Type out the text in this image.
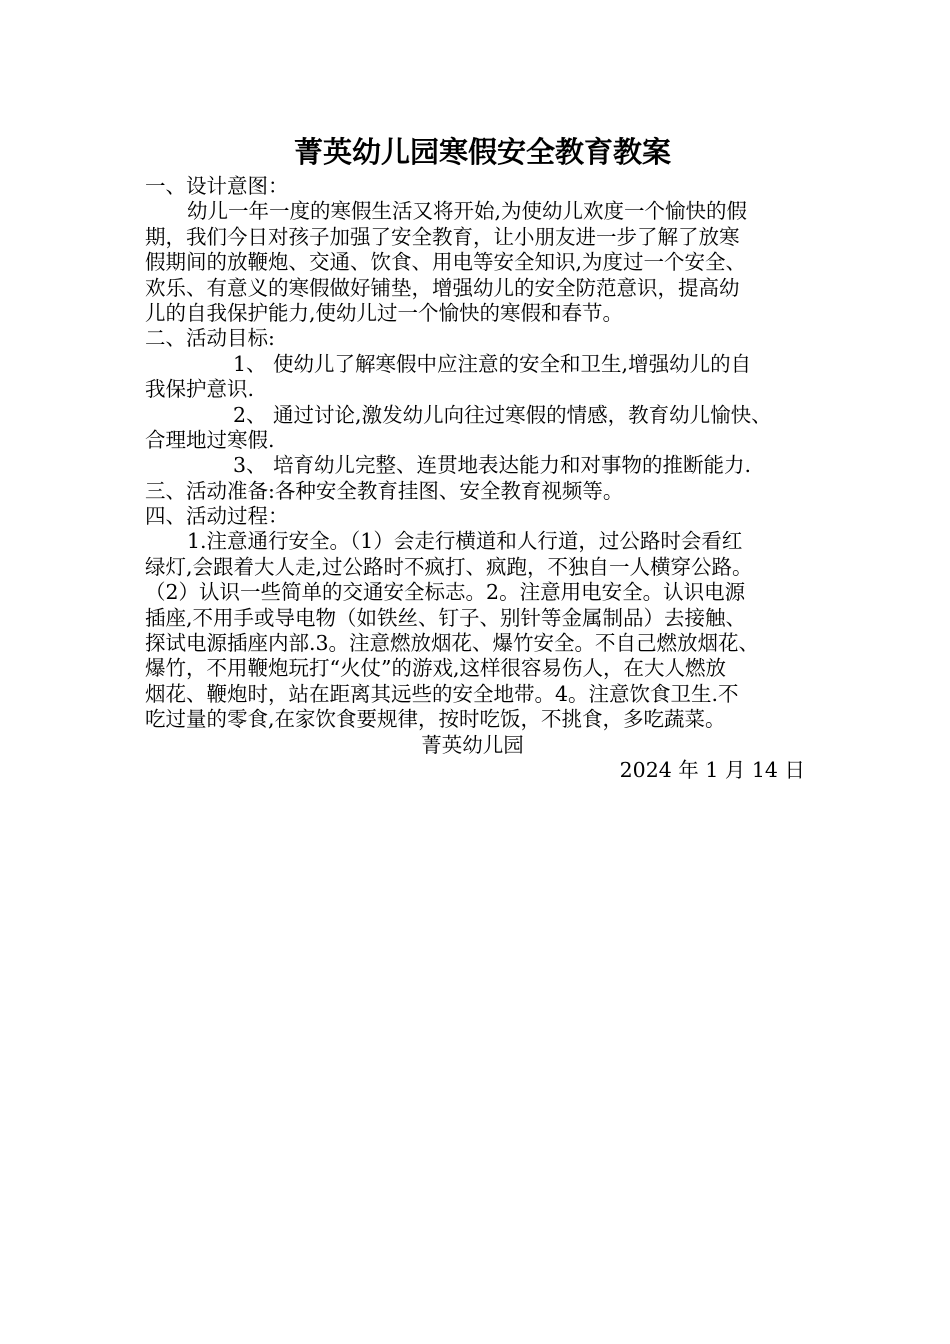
菁英幼儿园寒假安全教育教案
一、设计意图：
幼儿一年一度的寒假生活又将开始,为使幼儿欢度一个愉快的假
期，我们今日对孩子加强了安全教育，让小朋友进一步了解了放寒
假期间的放鞭炮、交通、饮食、用电等安全知识,为度过一个安全、
欢乐、有意义的寒假做好铺垫，增强幼儿的安全防范意识，提高幼
儿的自我保护能力,使幼儿过一个愉快的寒假和春节。
二、活动目标:
1、 使幼儿了解寒假中应注意的安全和卫生,增强幼儿的自
我保护意识.
2、 通过讨论,激发幼儿向往过寒假的情感，教育幼儿愉快、
合理地过寒假.
3、 培育幼儿完整、连贯地表达能力和对事物的推断能力.
三、活动准备:各种安全教育挂图、安全教育视频等。
四、活动过程：
1.注意通行安全。（1）会走行横道和人行道，过公路时会看红
绿灯,会跟着大人走,过公路时不疯打、疯跑，不独自一人横穿公路。
（2）认识一些简单的交通安全标志。2。注意用电安全。认识电源
插座,不用手或导电物（如铁丝、钉子、别针等金属制品）去接触、
探试电源插座内部.3。注意燃放烟花、爆竹安全。不自己燃放烟花、
爆竹，不用鞭炮玩打“火仗”的游戏,这样很容易伤人，在大人燃放
烟花、鞭炮时，站在距离其远些的安全地带。4。注意饮食卫生.不
吃过量的零食,在家饮食要规律，按时吃饭，不挑食，多吃蔬菜。
菁英幼儿园
2024 年 1 月 14 日
